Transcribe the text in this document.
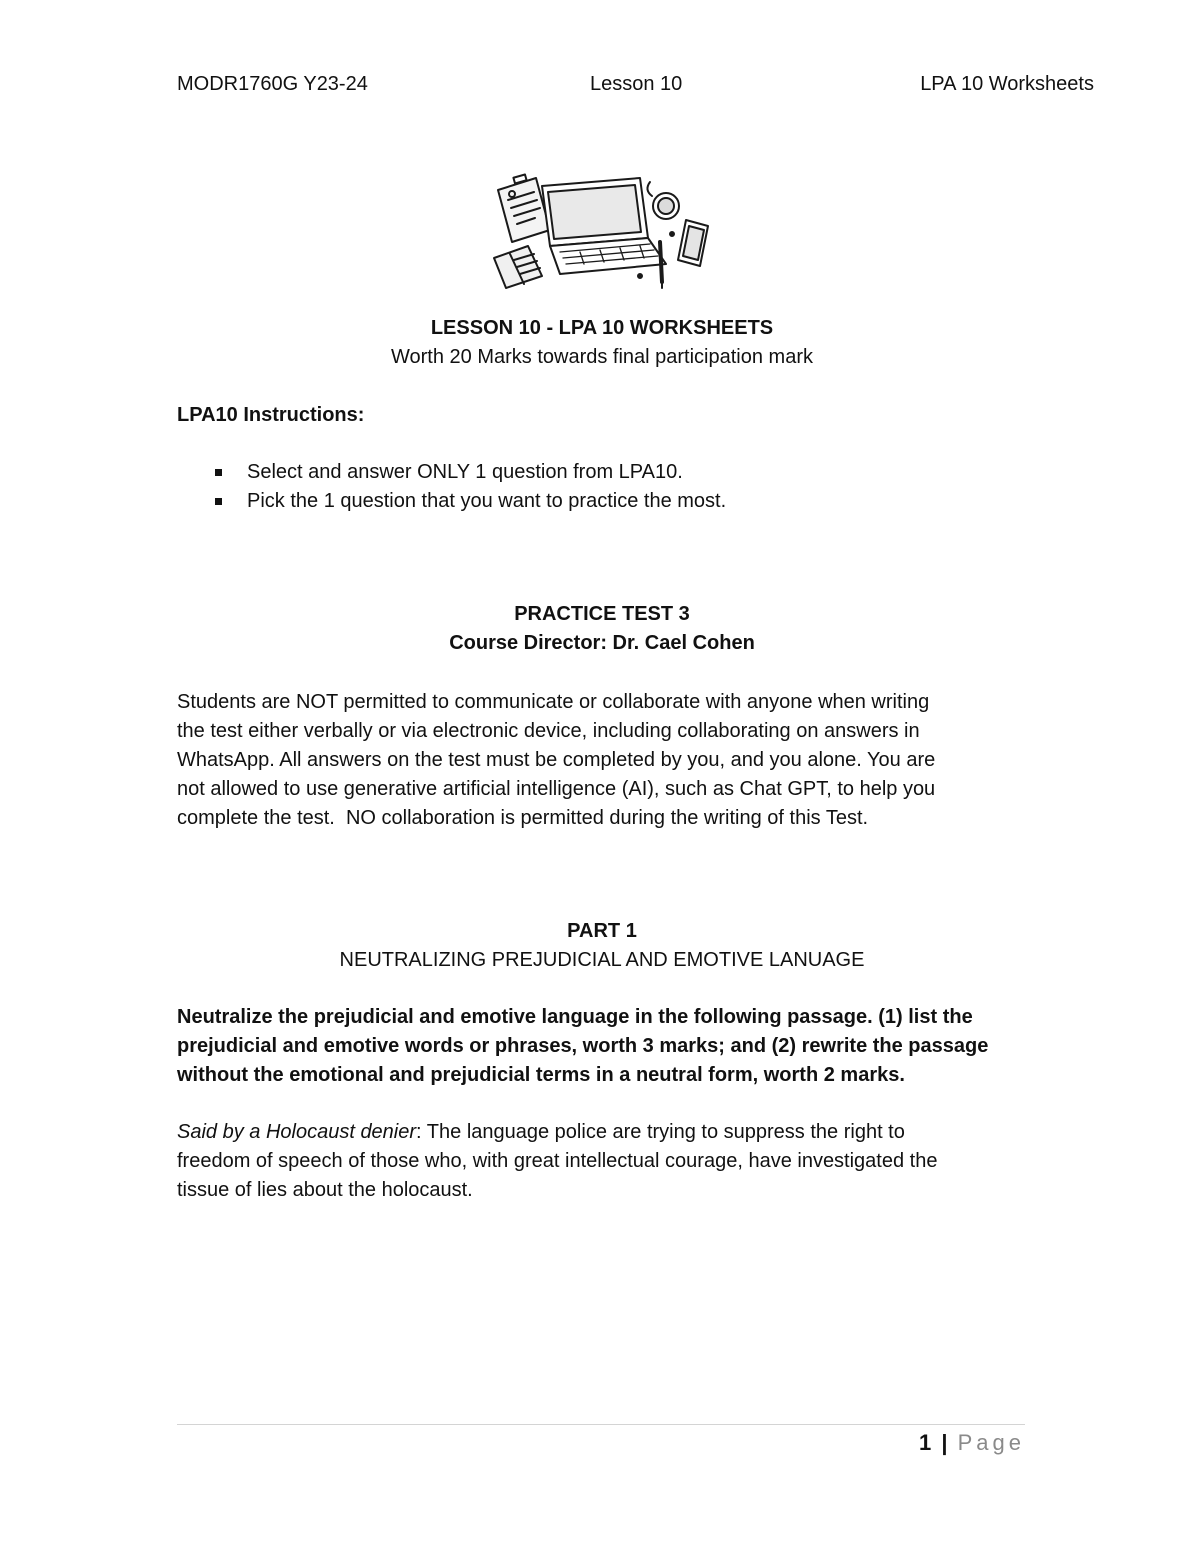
MODR1760G Y23-24	Lesson 10	LPA 10 Worksheets
LESSON 10 - LPA 10 WORKSHEETS
Worth 20 Marks towards final participation mark
LPA10 Instructions:
Select and answer ONLY 1 question from LPA10.
Pick the 1 question that you want to practice the most.
PRACTICE TEST 3
Course Director: Dr. Cael Cohen
Students are NOT permitted to communicate or collaborate with anyone when writing
the test either verbally or via electronic device, including collaborating on answers in
WhatsApp. All answers on the test must be completed by you, and you alone. You are
not allowed to use generative artificial intelligence (AI), such as Chat GPT, to help you
complete the test.  NO collaboration is permitted during the writing of this Test.
PART 1
NEUTRALIZING PREJUDICIAL AND EMOTIVE LANUAGE
Neutralize the prejudicial and emotive language in the following passage. (1) list the
prejudicial and emotive words or phrases, worth 3 marks; and (2) rewrite the passage
without the emotional and prejudicial terms in a neutral form, worth 2 marks.
Said by a Holocaust denier: The language police are trying to suppress the right to
freedom of speech of those who, with great intellectual courage, have investigated the
tissue of lies about the holocaust.
1 | Page
